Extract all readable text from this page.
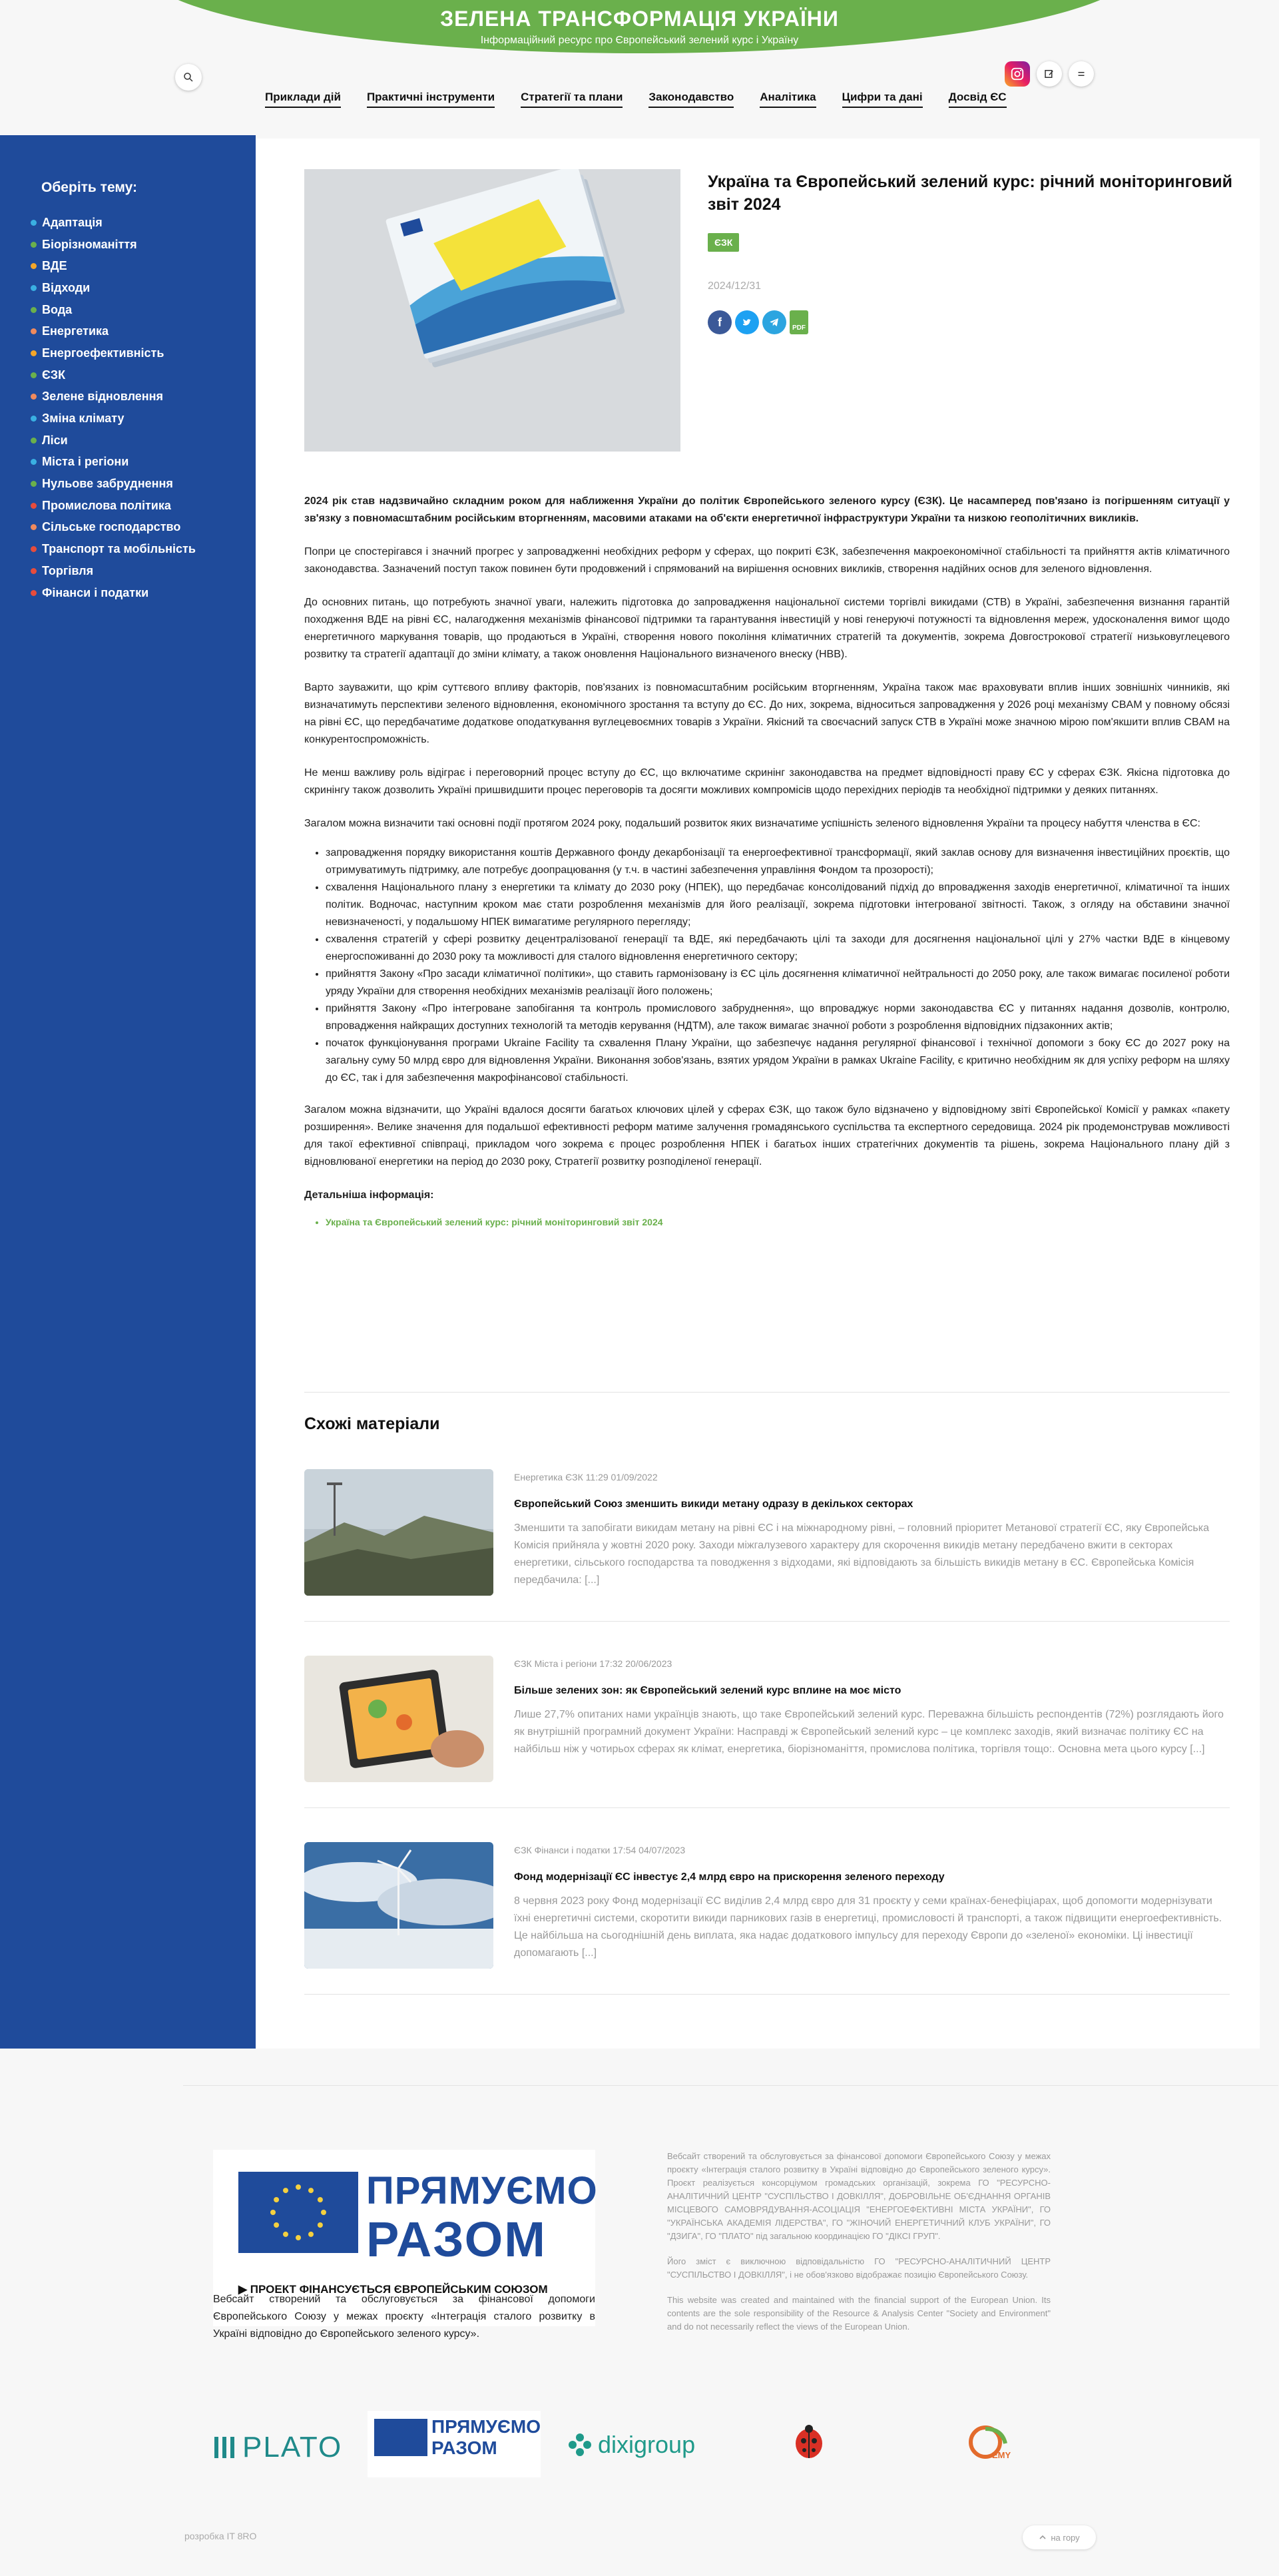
ЗЕЛЕНА ТРАНСФОРМАЦІЯ УКРАЇНИ
Інформаційний ресурс про Європейський зелений курс і Україну
Приклади дій Практичні інструменти Стратегії та плани Законодавство Аналітика Цифри та дані Досвід ЄС
Оберіть тему:
Адаптація
Біорізноманіття
ВДЕ
Відходи
Вода
Енергетика
Енергоефективність
ЄЗК
Зелене відновлення
Зміна клімату
Ліси
Міста і регіони
Нульове забруднення
Промислова політика
Сільське господарство
Транспорт та мобільність
Торгівля
Фінанси і податки
Україна та Європейський зелений курс: річний моніторинговий звіт 2024
ЄЗК
2024/12/31
f	PDF

2024 рік став надзвичайно складним роком для наближення України до політик Європейського зеленого курсу (ЄЗК). Це насамперед пов'язано із погіршенням ситуації у зв'язку з повномасштабним російським вторгненням, масовими атаками на об'єкти енергетичної інфраструктури України та низкою геополітичних викликів.

Попри це спостерігався і значний прогрес у запровадженні необхідних реформ у сферах, що покриті ЄЗК, забезпечення макроекономічної стабільності та прийняття актів кліматичного законодавства. Зазначений поступ також повинен бути продовжений і спрямований на вирішення основних викликів, створення надійних основ для зеленого відновлення.

До основних питань, що потребують значної уваги, належить підготовка до запровадження національної системи торгівлі викидами (СТВ) в Україні, забезпечення визнання гарантій походження ВДЕ на рівні ЄС, налагодження механізмів фінансової підтримки та гарантування інвестицій у нові генеруючі потужності та відновлення мереж, удосконалення вимог щодо енергетичного маркування товарів, що продаються в Україні, створення нового покоління кліматичних стратегій та документів, зокрема Довгострокової стратегії низьковуглецевого розвитку та стратегії адаптації до зміни клімату, а також оновлення Національного визначеного внеску (НВВ).

Варто зауважити, що крім суттєвого впливу факторів, пов'язаних із повномасштабним російським вторгненням, Україна також має враховувати вплив інших зовнішніх чинників, які визначатимуть перспективи зеленого відновлення, економічного зростання та вступу до ЄС. До них, зокрема, відноситься запровадження у 2026 році механізму CBAM у повному обсязі на рівні ЄС, що передбачатиме додаткове оподаткування вуглецевоємних товарів з України. Якісний та своєчасний запуск СТВ в Україні може значною мірою пом'якшити вплив CBAM на конкурентоспроможність.

Не менш важливу роль відіграє і переговорний процес вступу до ЄС, що включатиме скринінг законодавства на предмет відповідності праву ЄС у сферах ЄЗК. Якісна підготовка до скринінгу також дозволить Україні пришвидшити процес переговорів та досягти можливих компромісів щодо перехідних періодів та необхідної підтримки у деяких питаннях.

Загалом можна визначити такі основні події протягом 2024 року, подальший розвиток яких визначатиме успішність зеленого відновлення України та процесу набуття членства в ЄС:

• запровадження порядку використання коштів Державного фонду декарбонізації та енергоефективної трансформації, який заклав основу для визначення інвестиційних проєктів, що отримуватимуть підтримку, але потребує доопрацювання (у т.ч. в частині забезпечення управління Фондом та прозорості);
• схвалення Національного плану з енергетики та клімату до 2030 року (НПЕК), що передбачає консолідований підхід до впровадження заходів енергетичної, кліматичної та інших політик. Водночас, наступним кроком має стати розроблення механізмів для його реалізації, зокрема підготовки інтегрованої звітності. Також, з огляду на обставини значної невизначеності, у подальшому НПЕК вимагатиме регулярного перегляду;
• схвалення стратегій у сфері розвитку децентралізованої генерації та ВДЕ, які передбачають цілі та заходи для досягнення національної цілі у 27% частки ВДЕ в кінцевому енергоспоживанні до 2030 року та можливості для сталого відновлення енергетичного сектору;
• прийняття Закону «Про засади кліматичної політики», що ставить гармонізовану із ЄС ціль досягнення кліматичної нейтральності до 2050 року, але також вимагає посиленої роботи уряду України для створення необхідних механізмів реалізації його положень;
• прийняття Закону «Про інтегроване запобігання та контроль промислового забруднення», що впроваджує норми законодавства ЄС у питаннях надання дозволів, контролю, впровадження найкращих доступних технологій та методів керування (НДТМ), але також вимагає значної роботи з розроблення відповідних підзаконних актів;
• початок функціонування програми Ukraine Facility та схвалення Плану України, що забезпечує надання регулярної фінансової і технічної допомоги з боку ЄС до 2027 року на загальну суму 50 млрд євро для відновлення України. Виконання зобов'язань, взятих урядом України в рамках Ukraine Facility, є критично необхідним як для успіху реформ на шляху до ЄС, так і для забезпечення макрофінансової стабільності.

Загалом можна відзначити, що Україні вдалося досягти багатьох ключових цілей у сферах ЄЗК, що також було відзначено у відповідному звіті Європейської Комісії у рамках «пакету розширення». Велике значення для подальшої ефективності реформ матиме залучення громадянського суспільства та експертного середовища. 2024 рік продемонстрував можливості для такої ефективної співпраці, прикладом чого зокрема є процес розроблення НПЕК і багатьох інших стратегічних документів та рішень, зокрема Національного плану дій з відновлюваної енергетики на період до 2030 року, Стратегії розвитку розподіленої генерації.

Детальніша інформація:
• Україна та Європейський зелений курс: річний моніторинговий звіт 2024
Схожі матеріали
Енергетика ЄЗК 11:29 01/09/2022
Європейський Союз зменшить викиди метану одразу в декількох секторах
Зменшити та запобігати викидам метану на рівні ЄС і на міжнародному рівні, – головний пріоритет Метанової стратегії ЄС, яку Європейська Комісія прийняла у жовтні 2020 року. Заходи міжгалузевого характеру для скорочення викидів метану передбачено вжити в секторах енергетики, сільського господарства та поводження з відходами, які відповідають за більшість викидів метану в ЄС. Європейська Комісія передбачила: [...]
ЄЗК Міста і регіони 17:32 20/06/2023
Більше зелених зон: як Європейський зелений курс вплине на моє місто
Лише 27,7% опитаних нами українців знають, що таке Європейський зелений курс. Переважна більшість респондентів (72%) розглядають його як внутрішній програмний документ України: Насправді ж Європейський зелений курс – це комплекс заходів, який визначає політику ЄС на найбільш ніж у чотирьох сферах як клімат, енергетика, біорізноманіття, промислова політика, торгівля тощо:. Основна мета цього курсу [...]
ЄЗК Фінанси і податки 17:54 04/07/2023
Фонд модернізації ЄС інвестує 2,4 млрд євро на прискорення зеленого переходу
8 червня 2023 року Фонд модернізації ЄС виділив 2,4 млрд євро для 31 проєкту у семи країнах-бенефіціарах, щоб допомогти модернізувати їхні енергетичні системи, скоротити викиди парникових газів в енергетиці, промисловості й транспорті, а також підвищити енергоефективність. Це найбільша на сьогоднішній день виплата, яка надає додаткового імпульсу для переходу Європи до «зеленої» економіки. Ці інвестиції допомагають [...]
ПРЯМУЄМО
РАЗОМ
▶ ПРОЕКТ ФІНАНСУЄТЬСЯ ЄВРОПЕЙСЬКИМ СОЮЗОМ
Вебсайт створений та обслуговується за фінансової допомоги Європейського Союзу у межах проєкту «Інтеграція сталого розвитку в Україні відповідно до Європейського зеленого курсу».

Вебсайт створений та обслуговується за фінансової допомоги Європейського Союзу у межах проєкту «Інтеграція сталого розвитку в Україні відповідно до Європейського зеленого курсу». Проєкт реалізується консорціумом громадських організацій, зокрема ГО "РЕСУРСНО-АНАЛІТИЧНИЙ ЦЕНТР "СУСПІЛЬСТВО І ДОВКІЛЛЯ", ДОБРОВІЛЬНЕ ОБ'ЄДНАННЯ ОРГАНІВ МІСЦЕВОГО САМОВРЯДУВАННЯ-АСОЦІАЦІЯ "ЕНЕРГОЕФЕКТИВНІ МІСТА УКРАЇНИ", ГО "УКРАЇНСЬКА АКАДЕМІЯ ЛІДЕРСТВА", ГО "ЖІНОЧИЙ ЕНЕРГЕТИЧНИЙ КЛУБ УКРАЇНИ", ГО "ДЗИГА", ГО "ПЛАТО" під загальною координацією ГО "ДІКСІ ГРУП".

Його зміст є виключною відповідальністю ГО "РЕСУРСНО-АНАЛІТИЧНИЙ ЦЕНТР "СУСПІЛЬСТВО І ДОВКІЛЛЯ", і не обов'язково відображає позицію Європейського Союзу.

This website was created and maintained with the financial support of the European Union. Its contents are the sole responsibility of the Resource & Analysis Center "Society and Environment" and do not necessarily reflect the views of the European Union.

PLATO
ПРЯМУЄМО РАЗОМ	dixigroup	EMY
розробка IT 8RO	на гору
